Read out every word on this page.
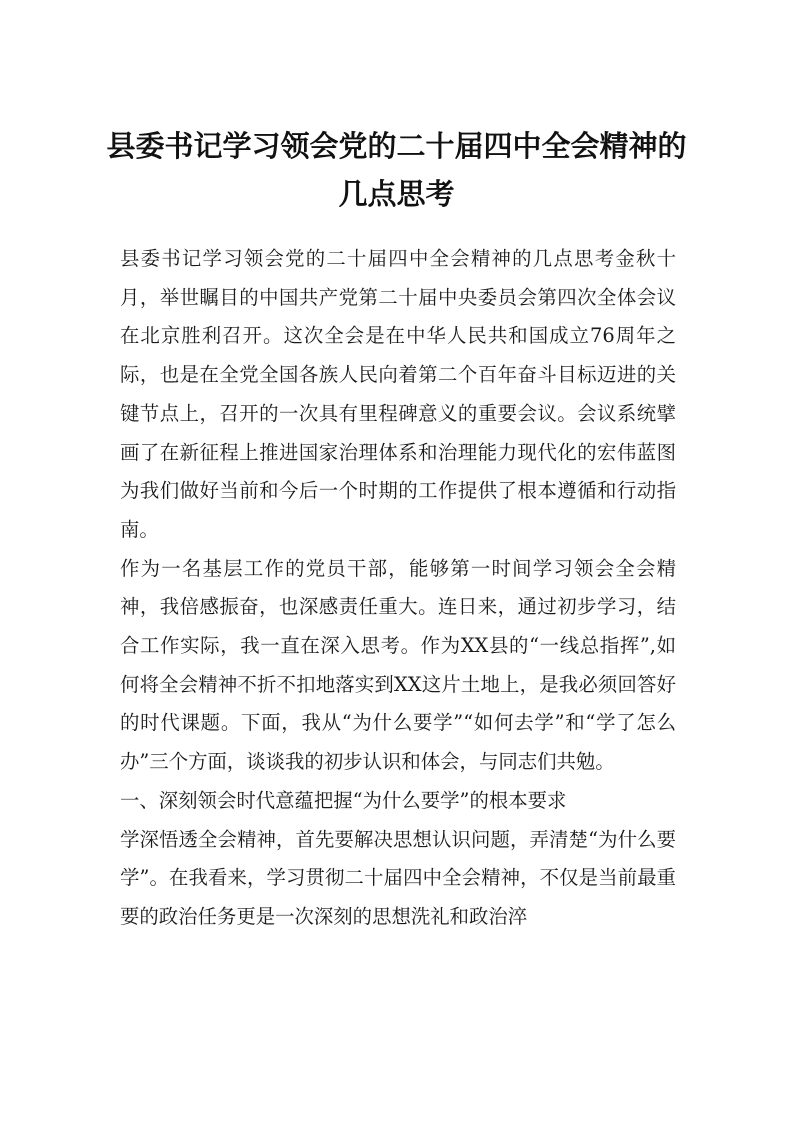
县委书记学习领会党的二十届四中全会精神的几点思考

县委书记学习领会党的二十届四中全会精神的几点思考金秋十月，举世瞩目的中国共产党第二十届中央委员会第四次全体会议在北京胜利召开。这次全会是在中华人民共和国成立76周年之际，也是在全党全国各族人民向着第二个百年奋斗目标迈进的关键节点上，召开的一次具有里程碑意义的重要会议。会议系统擘画了在新征程上推进国家治理体系和治理能力现代化的宏伟蓝图为我们做好当前和今后一个时期的工作提供了根本遵循和行动指南。

作为一名基层工作的党员干部，能够第一时间学习领会全会精神，我倍感振奋，也深感责任重大。连日来，通过初步学习，结合工作实际，我一直在深入思考。作为XX县的“一线总指挥”,如何将全会精神不折不扣地落实到XX这片土地上，是我必须回答好的时代课题。下面，我从“为什么要学”“如何去学”和“学了怎么办”三个方面，谈谈我的初步认识和体会，与同志们共勉。

一、深刻领会时代意蕴把握“为什么要学”的根本要求

学深悟透全会精神，首先要解决思想认识问题，弄清楚“为什么要学”。在我看来，学习贯彻二十届四中全会精神，不仅是当前最重要的政治任务更是一次深刻的思想洗礼和政治淬
